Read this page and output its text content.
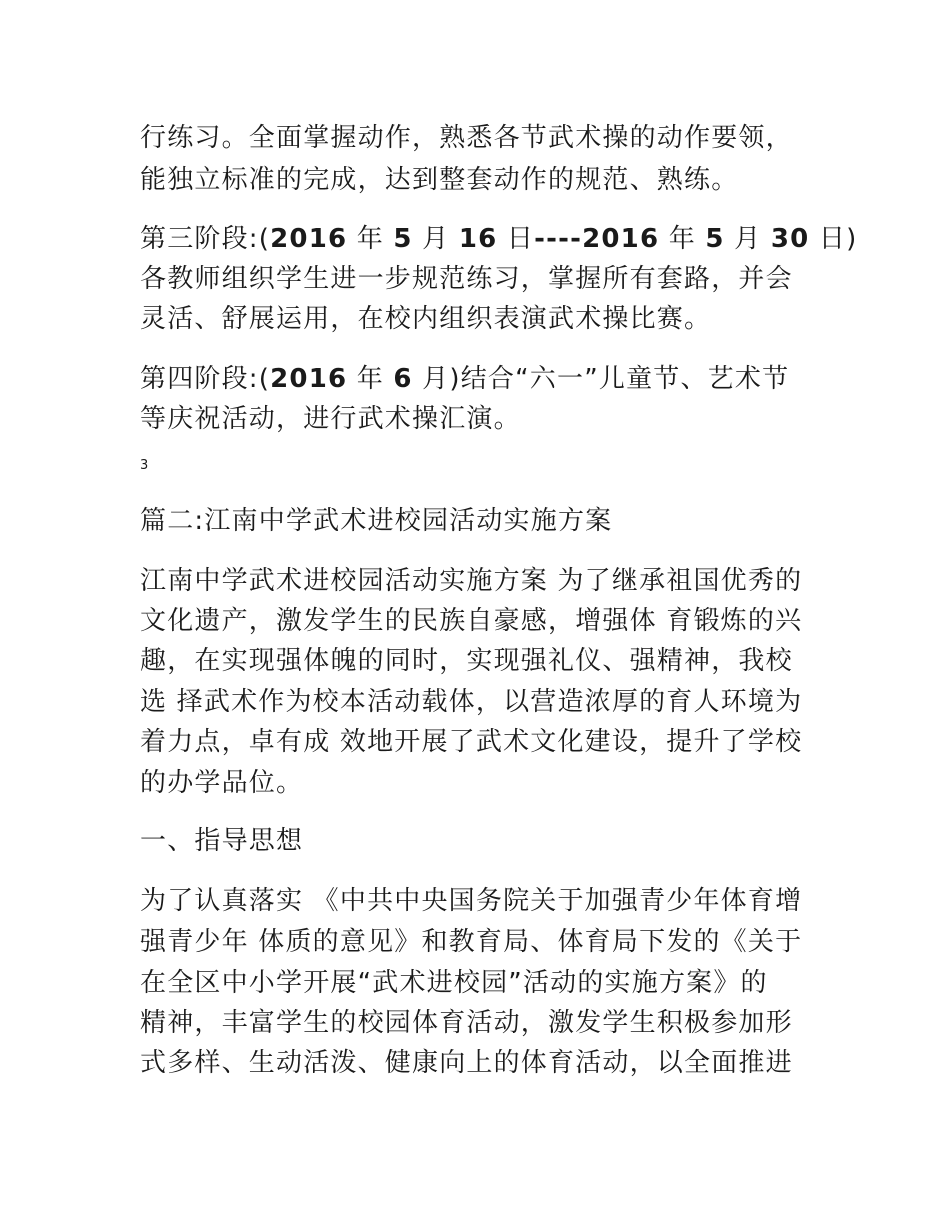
行练习。全面掌握动作，熟悉各节武术操的动作要领，
能独立标准的完成，达到整套动作的规范、熟练。
第三阶段:(2016 年 5 月 16 日----2016 年 5 月 30 日)
各教师组织学生进一步规范练习，掌握所有套路，并会
灵活、舒展运用，在校内组织表演武术操比赛。
第四阶段:(2016 年 6 月)结合“六一”儿童节、艺术节
等庆祝活动，进行武术操汇演。
3
篇二:江南中学武术进校园活动实施方案
江南中学武术进校园活动实施方案 为了继承祖国优秀的
文化遗产，激发学生的民族自豪感，增强体 育锻炼的兴
趣，在实现强体魄的同时，实现强礼仪、强精神，我校
选 择武术作为校本活动载体，以营造浓厚的育人环境为
着力点，卓有成 效地开展了武术文化建设，提升了学校
的办学品位。
一、指导思想
为了认真落实 《中共中央国务院关于加强青少年体育增
强青少年 体质的意见》和教育局、体育局下发的《关于
在全区中小学开展“武术进校园”活动的实施方案》的
精神，丰富学生的校园体育活动，激发学生积极参加形
式多样、生动活泼、健康向上的体育活动，以全面推进
